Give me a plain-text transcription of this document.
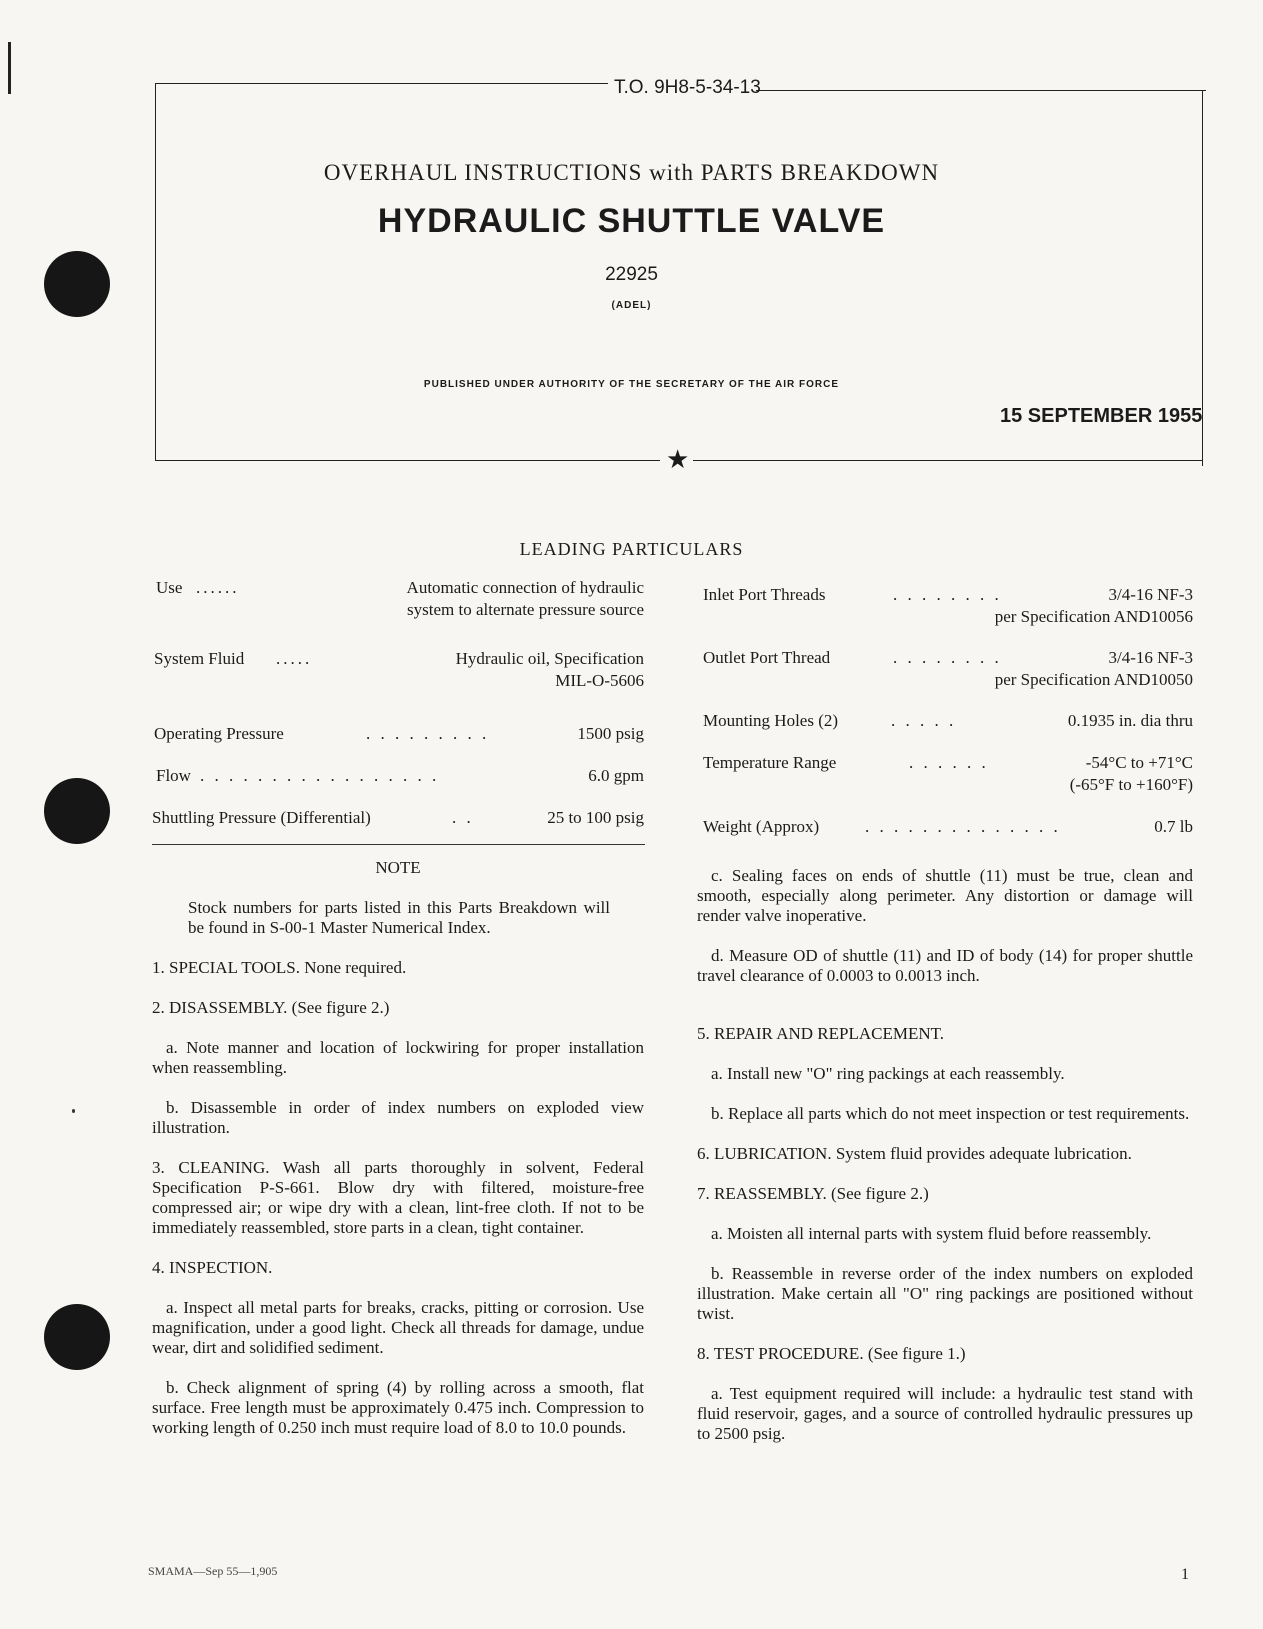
★
T.O. 9H8-5-34-13
OVERHAUL INSTRUCTIONS with PARTS BREAKDOWN
HYDRAULIC SHUTTLE VALVE
22925
(ADEL)
PUBLISHED UNDER AUTHORITY OF THE SECRETARY OF THE AIR FORCE
15 SEPTEMBER 1955
LEADING PARTICULARS
Use ......	Automatic connection of hydraulic
system to alternate pressure source
System Fluid .....	Hydraulic oil, Specification
MIL-O-5606
Operating Pressure	. . . . . . . . .	1500 psig
Flow . . . . . . . . . . . . . . . . .	6.0 gpm
Shuttling Pressure (Differential)	. .	25 to 100 psig
Inlet Port Threads	. . . . . . . .	3/4-16 NF-3
per Specification AND10056
Outlet Port Thread	. . . . . . . .	3/4-16 NF-3
per Specification AND10050
Mounting Holes (2)	. . . . .	0.1935 in. dia thru
Temperature Range	. . . . . .	-54°C to +71°C
(-65°F to +160°F)
Weight (Approx)	. . . . . . . . . . . . . .	0.7 lb

NOTE

Stock numbers for parts listed in this Parts Breakdown will be found in S-00-1 Master Numerical Index.

1. SPECIAL TOOLS. None required.

2. DISASSEMBLY. (See figure 2.)

a. Note manner and location of lockwiring for proper installation when reassembling.

b. Disassemble in order of index numbers on exploded view illustration.

3. CLEANING. Wash all parts thoroughly in solvent, Federal Specification P-S-661. Blow dry with filtered, moisture-free compressed air; or wipe dry with a clean, lint-free cloth. If not to be immediately reassembled, store parts in a clean, tight container.

4. INSPECTION.

a. Inspect all metal parts for breaks, cracks, pitting or corrosion. Use magnification, under a good light. Check all threads for damage, undue wear, dirt and solidified sediment.

b. Check alignment of spring (4) by rolling across a smooth, flat surface. Free length must be approximately 0.475 inch. Compression to working length of 0.250 inch must require load of 8.0 to 10.0 pounds.

c. Sealing faces on ends of shuttle (11) must be true, clean and smooth, especially along perimeter. Any distortion or damage will render valve inoperative.

d. Measure OD of shuttle (11) and ID of body (14) for proper shuttle travel clearance of 0.0003 to 0.0013 inch.

5. REPAIR AND REPLACEMENT.

a. Install new "O" ring packings at each reassembly.

b. Replace all parts which do not meet inspection or test requirements.

6. LUBRICATION. System fluid provides adequate lubrication.

7. REASSEMBLY. (See figure 2.)

a. Moisten all internal parts with system fluid before reassembly.

b. Reassemble in reverse order of the index numbers on exploded illustration. Make certain all "O" ring packings are positioned without twist.

8. TEST PROCEDURE. (See figure 1.)

a. Test equipment required will include: a hydraulic test stand with fluid reservoir, gages, and a source of controlled hydraulic pressures up to 2500 psig.

SMAMA—Sep 55—1,905	1
